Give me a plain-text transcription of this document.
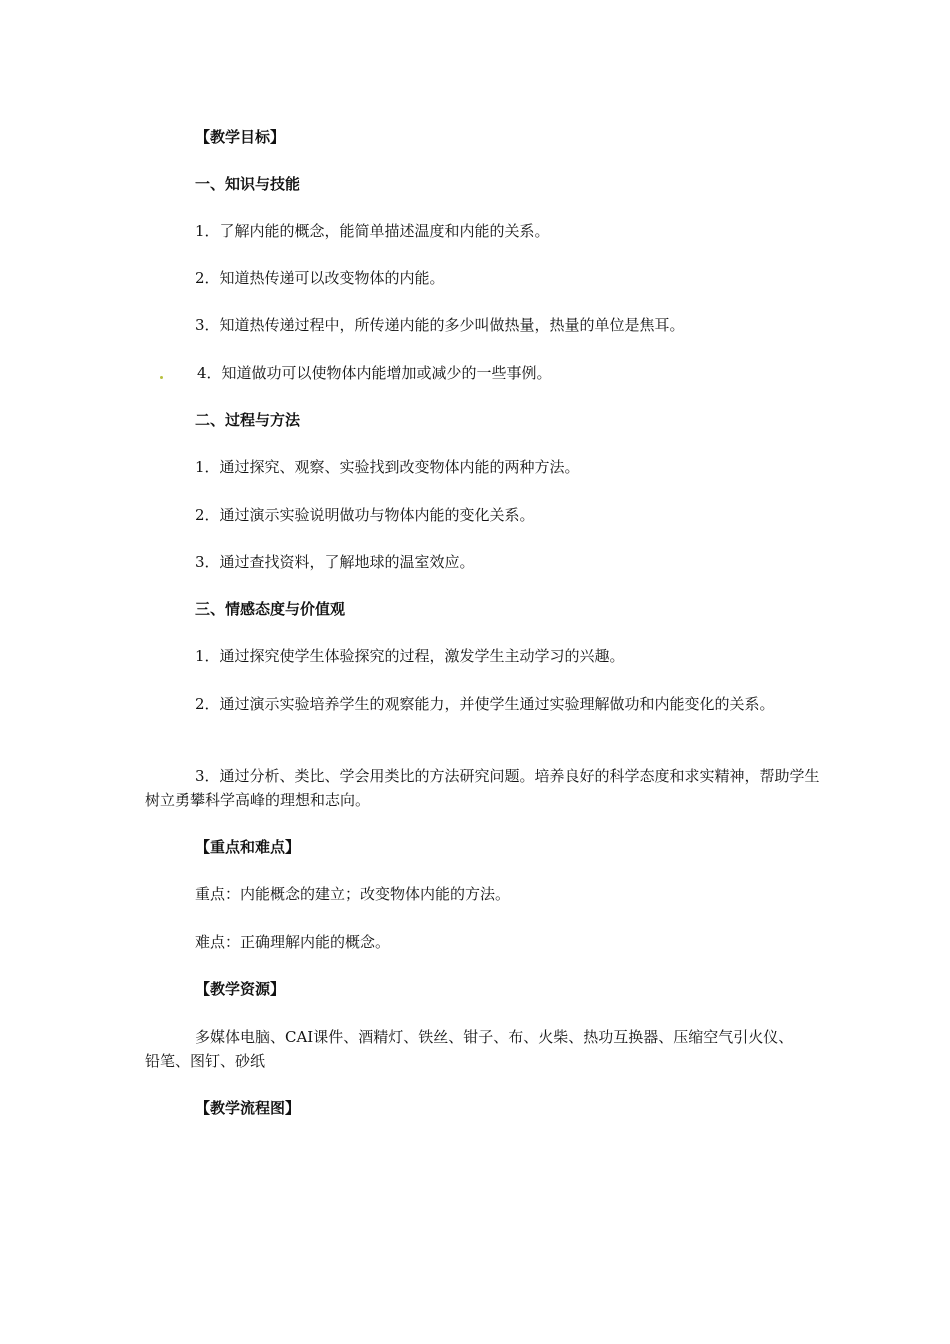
【教学目标】
一、知识与技能
1．了解内能的概念，能简单描述温度和内能的关系。
2．知道热传递可以改变物体的内能。
3．知道热传递过程中，所传递内能的多少叫做热量，热量的单位是焦耳。
4．知道做功可以使物体内能增加或减少的一些事例。
二、过程与方法
1．通过探究、观察、实验找到改变物体内能的两种方法。
2．通过演示实验说明做功与物体内能的变化关系。
3．通过查找资料，了解地球的温室效应。
三、情感态度与价值观
1．通过探究使学生体验探究的过程，激发学生主动学习的兴趣。
2．通过演示实验培养学生的观察能力，并使学生通过实验理解做功和内能变化的关系。
3．通过分析、类比、学会用类比的方法研究问题。培养良好的科学态度和求实精神，帮助学生树立勇攀科学高峰的理想和志向。
【重点和难点】
重点：内能概念的建立；改变物体内能的方法。
难点：正确理解内能的概念。
【教学资源】
多媒体电脑、CAI课件、酒精灯、铁丝、钳子、布、火柴、热功互换器、压缩空气引火仪、铅笔、图钉、砂纸
【教学流程图】
